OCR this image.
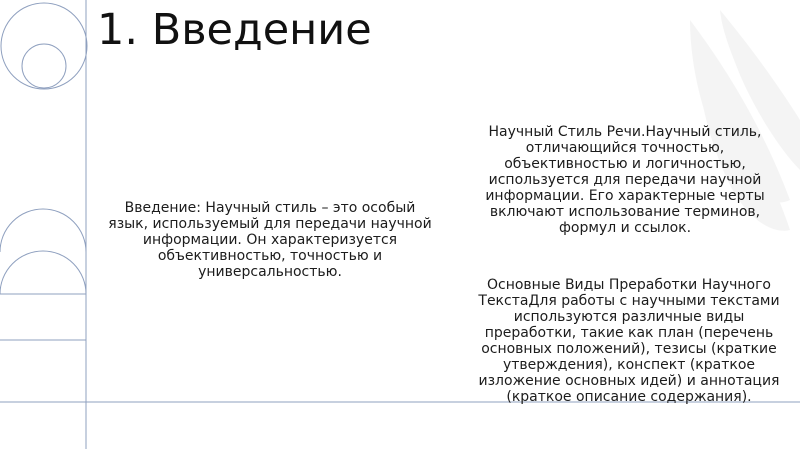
1. Введение

Введение: Научный стиль – это особый язык, используемый для передачи научной информации. Он характеризуется объективностью, точностью и универсальностью.

Научный Стиль Речи.Научный стиль, отличающийся точностью, объективностью и логичностью, используется для передачи научной информации. Его характерные черты включают использование терминов, формул и ссылок.

Основные Виды Преработки Научного ТекстаДля работы с научными текстами используются различные виды преработки, такие как план (перечень основных положений), тезисы (краткие утверждения), конспект (краткое изложение основных идей) и аннотация (краткое описание содержания).
